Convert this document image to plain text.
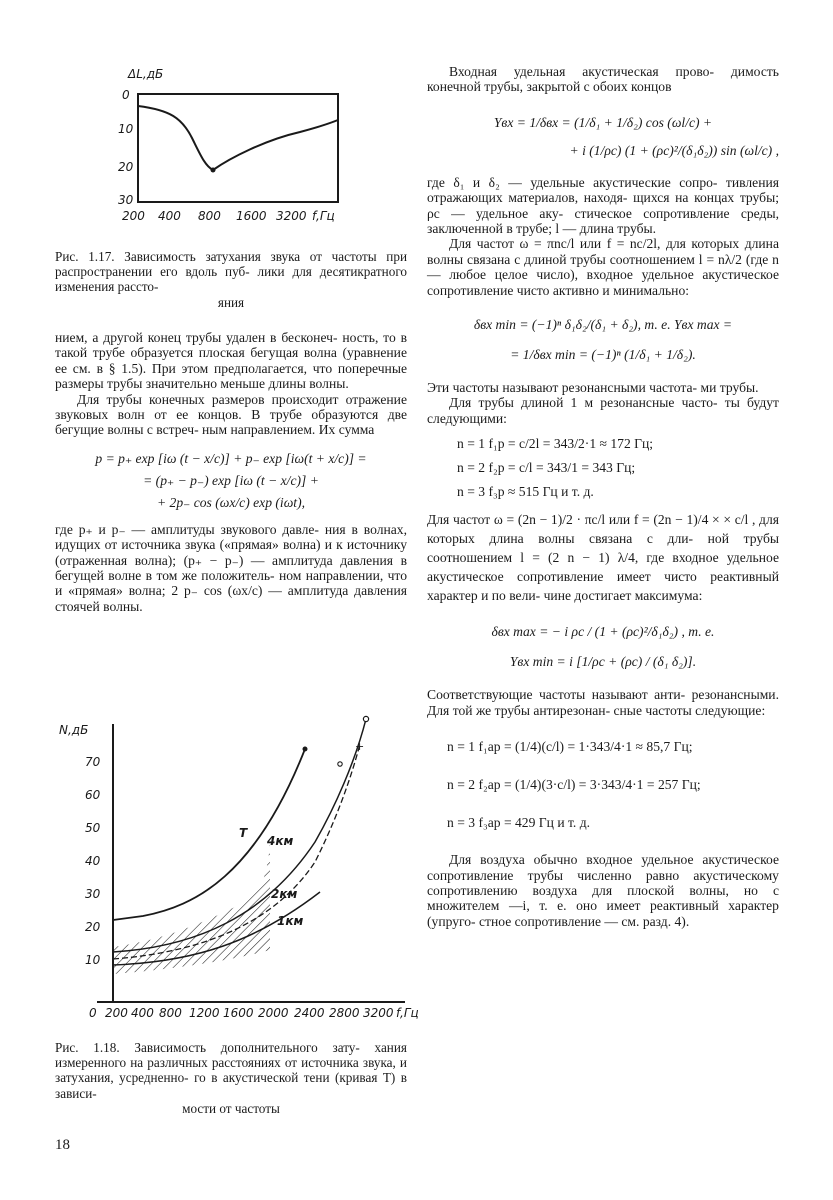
ΔL,дБ
0
10
20
30
200 400 800 1600 3200 f,Гц

Рис. 1.17. Зависимость затухания звука от частоты при распространении его вдоль пуб- лики для десятикратного изменения рассто-
яния

нием, а другой конец трубы удален в бесконеч- ность, то в такой трубе образуется плоская бегущая волна (уравнение ее см. в § 1.5). При этом предполагается, что поперечные размеры трубы значительно меньше длины волны.

Для трубы конечных размеров происходит отражение звуковых волн от ее концов. В трубе образуются две бегущие волны с встреч- ным направлением. Их сумма

p = p₊ exp [iω (t − x/c)] + p₋ exp [iω(t + x/c)] =
= (p₊ − p₋) exp [iω (t − x/c)] +
+ 2p₋ cos (ωx/c) exp (iωt),

где p₊ и p₋ — амплитуды звукового давле- ния в волнах, идущих от источника звука («прямая» волна) и к источнику (отраженная волна); (p₊ − p₋) — амплитуда давления в бегущей волне в том же положитель- ном направлении, что и «прямая» волна; 2 p₋ cos (ωx/c) — амплитуда давления стоячей волны.

N,дБ
70
60
50
40
30
20
10
+
T
4км
2км
1км
0 200 400 800 1200 1600 2000 2400 2800 3200 f,Гц

Рис. 1.18. Зависимость дополнительного зату- хания измеренного на различных расстояниях от источника звука, и затухания, усредненно- го в акустической тени (кривая T) в зависи-
мости от частоты

18

Входная удельная акустическая прово- димость конечной трубы, закрытой с обоих концов

Yвх = 1/δвх = (1/δ₁ + 1/δ₂) cos (ωl/c) +
+ i (1/ρc) (1 + (ρc)²/(δ₁δ₂)) sin (ωl/c) ,

где δ₁ и δ₂ — удельные акустические сопро- тивления отражающих материалов, находя- щихся на концах трубы; ρc — удельное аку- стическое сопротивление среды, заключенной в трубе; l — длина трубы.

Для частот ω = πnc/l или f = nc/2l, для которых длина волны связана с длиной трубы соотношением l = nλ/2 (где n — любое целое число), входное удельное акустическое сопротивление чисто активно и минимально:

δвх min = (−1)ⁿ δ₁δ₂/(δ₁ + δ₂), т. е. Yвх max =
= 1/δвх min = (−1)ⁿ (1/δ₁ + 1/δ₂).

Эти частоты называют резонансными частота- ми трубы.

Для трубы длиной 1 м резонансные часто- ты будут следующими:

n = 1 f₁р = c/2l = 343/2·1 ≈ 172 Гц;
n = 2 f₂р = c/l = 343/1 = 343 Гц;
n = 3 f₃р ≈ 515 Гц и т. д.

Для частот ω = (2n − 1)/2 · πc/l или f = (2n − 1)/4 × × c/l , для которых длина волны связана с дли- ной трубы соотношением l = (2 n − 1) λ/4, где входное удельное акустическое сопротивление имеет чисто реактивный характер и по вели- чине достигает максимума:

δвх max = − i ρc / (1 + (ρc)²/δ₁δ₂) , т. е.
Yвх min = i [1/ρc + (ρc) / (δ₁ δ₂)].

Соответствующие частоты называют анти- резонансными. Для той же трубы антирезонан- сные частоты следующие:

n = 1 f₁ар = (1/4)(c/l) = 1·343/4·1 ≈ 85,7 Гц;
n = 2 f₂ар = (1/4)(3·c/l) = 3·343/4·1 = 257 Гц;
n = 3 f₃ар = 429 Гц и т. д.

Для воздуха обычно входное удельное акустическое сопротивление трубы численно равно акустическому сопротивлению воздуха для плоской волны, но с множителем —i, т. е. оно имеет реактивный характер (упруго- стное сопротивление — см. разд. 4).
